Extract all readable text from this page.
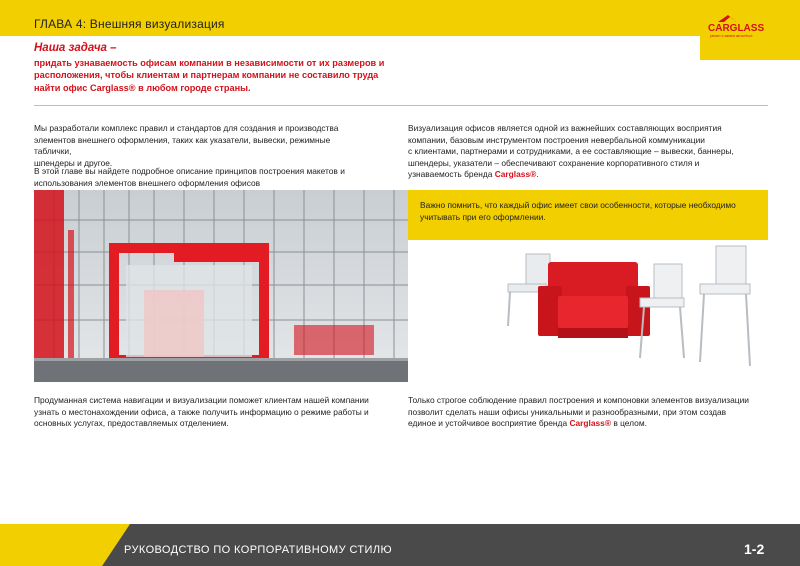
ГЛАВА 4: Внешняя визуализация	CARGLASS
ремонт и замена автостёкол
Наша задача –
придать узнаваемость офисам компании в независимости от их размеров и
расположения, чтобы клиентам и партнерам компании не составило труда
найти офис Carglass® в любом городе страны.
Мы разработали комплекс правил и стандартов для создания и производства
элементов внешнего оформления, таких как указатели, вывески, режимные таблички,
шпендеры и другое.
В этой главе вы найдете подробное описание принципов построения макетов и
использования элементов внешнего оформления офисов
Визуализация офисов является одной из важнейших составляющих восприятия
компании, базовым инструментом построения невербальной коммуникации
с клиентами, партнерами и сотрудниками, а ее составляющие – вывески, баннеры,
шпендеры, указатели – обеспечивают сохранение корпоративного стиля и
узнаваемость бренда Carglass®.
Важно помнить, что каждый офис имеет свои особенности, которые необходимо
учитывать при его оформлении.
Продуманная система навигации и визуализации поможет клиентам нашей компании
узнать о местонахождении офиса, а также получить информацию о режиме работы и
основных услугах, предоставляемых отделением.
Только строгое соблюдение правил построения и компоновки элементов визуализации
позволит сделать наши офисы уникальными и разнообразными, при этом создав
единое и устойчивое восприятие бренда Carglass® в целом.
РУКОВОДСТВО ПО КОРПОРАТИВНОМУ СТИЛЮ	1-2
